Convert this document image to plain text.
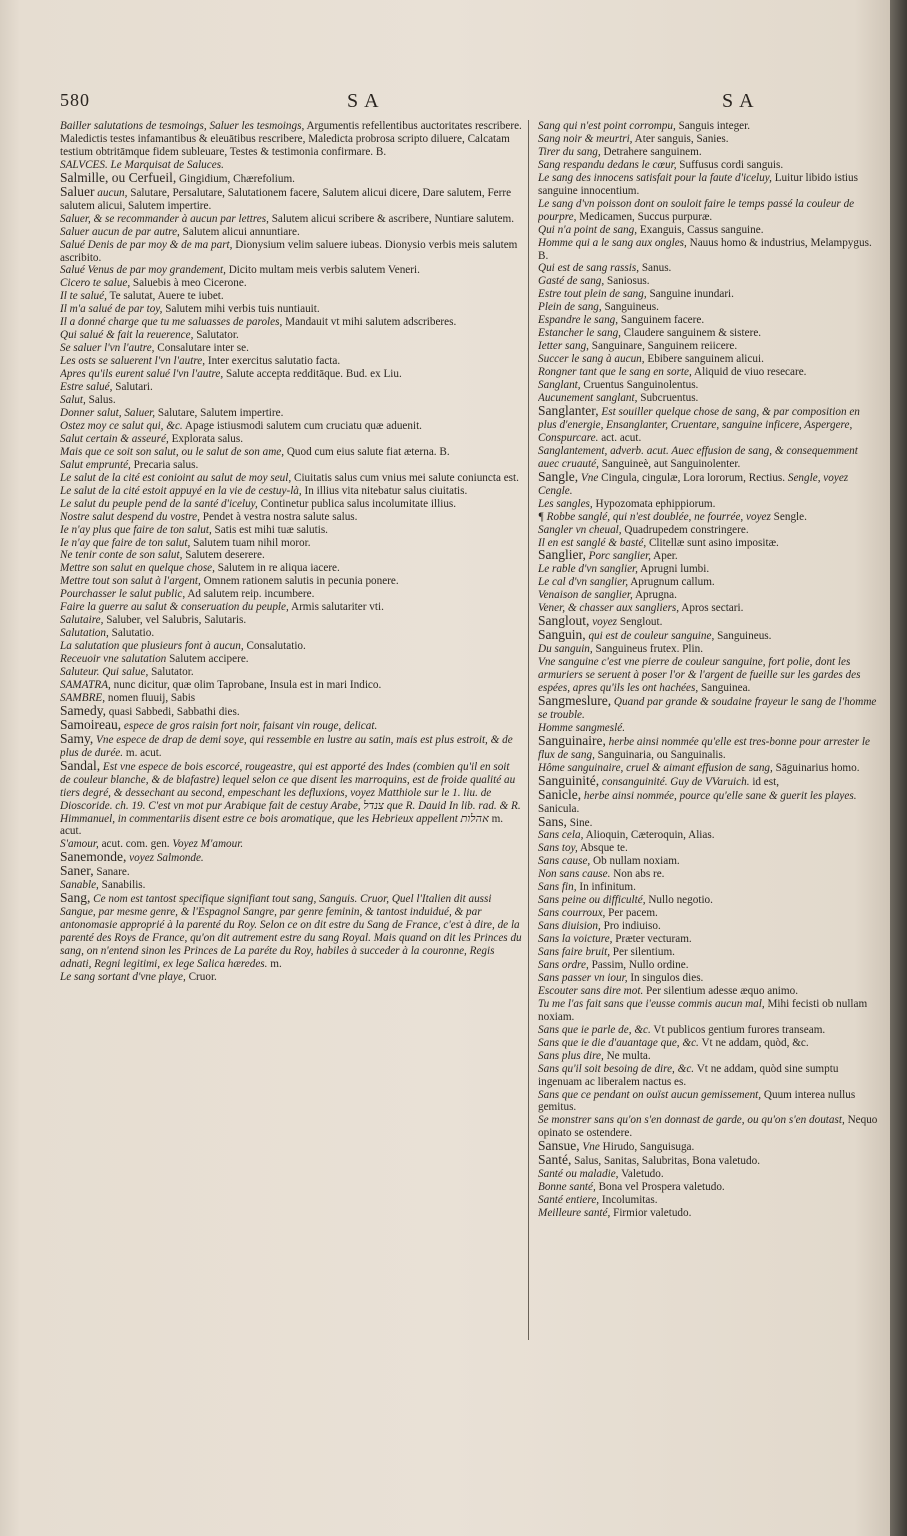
580	SA	SA

Bailler salutations de tesmoings, Saluer les tesmoings, Argumentis refellentibus auctoritates rescribere. Maledictis testes infamantibus & eleuātibus rescribere, Maledicta probrosa scripto diluere, Calcatam testium obtritāmque fidem subleuare, Testes & testimonia confirmare. B.

SALVCES. Le Marquisat de Saluces.

Salmille, ou Cerfueil, Gingidium, Chærefolium.

Saluer aucun, Salutare, Persalutare, Salutationem facere, Salutem alicui dicere, Dare salutem, Ferre salutem alicui, Salutem impertire.

Saluer, & se recommander à aucun par lettres, Salutem alicui scribere & ascribere, Nuntiare salutem.

Saluer aucun de par autre, Salutem alicui annuntiare.

Salué Denis de par moy & de ma part, Dionysium velim saluere iubeas. Dionysio verbis meis salutem ascribito.

Salué Venus de par moy grandement, Dicito multam meis verbis salutem Veneri.

Cicero te salue, Saluebis à meo Cicerone.

Il te salué, Te salutat, Auere te iubet.

Il m'a salué de par toy, Salutem mihi verbis tuis nuntiauit.

Il a donné charge que tu me saluasses de paroles, Mandauit vt mihi salutem adscriberes.

Qui salué & fait la reuerence, Salutator.

Se saluer l'vn l'autre, Consalutare inter se.

Les osts se saluerent l'vn l'autre, Inter exercitus salutatio facta.

Apres qu'ils eurent salué l'vn l'autre, Salute accepta redditāque. Bud. ex Liu.

Estre salué, Salutari.

Salut, Salus.

Donner salut, Saluer, Salutare, Salutem impertire.

Ostez moy ce salut qui, &c. Apage istiusmodi salutem cum cruciatu quæ aduenit.

Salut certain & asseuré, Explorata salus.

Mais que ce soit son salut, ou le salut de son ame, Quod cum eius salute fiat æterna. B.

Salut emprunté, Precaria salus.

Le salut de la cité est conioint au salut de moy seul, Ciuitatis salus cum vnius mei salute coniuncta est.

Le salut de la cité estoit appuyé en la vie de cestuy-là, In illius vita nitebatur salus ciuitatis.

Le salut du peuple pend de la santé d'iceluy, Continetur publica salus incolumitate illius.

Nostre salut despend du vostre, Pendet à vestra nostra salute salus.

Ie n'ay plus que faire de ton salut, Satis est mihi tuæ salutis.

Ie n'ay que faire de ton salut, Salutem tuam nihil moror.

Ne tenir conte de son salut, Salutem deserere.

Mettre son salut en quelque chose, Salutem in re aliqua iacere.

Mettre tout son salut à l'argent, Omnem rationem salutis in pecunia ponere.

Pourchasser le salut public, Ad salutem reip. incumbere.

Faire la guerre au salut & conseruation du peuple, Armis salutariter vti.

Salutaire, Saluber, vel Salubris, Salutaris.

Salutation, Salutatio.

La salutation que plusieurs font à aucun, Consalutatio.

Receuoir vne salutation Salutem accipere.

Saluteur. Qui salue, Salutator.

SAMATRA, nunc dicitur, quæ olim Taprobane, Insula est in mari Indico.

SAMBRE, nomen fluuij, Sabis

Samedy, quasi Sabbedi, Sabbathi dies.

Samoireau, espece de gros raisin fort noir, faisant vin rouge, delicat.

Samy, Vne espece de drap de demi soye, qui ressemble en lustre au satin, mais est plus estroit, & de plus de durée. m. acut.

Sandal, Est vne espece de bois escorcé, rougeastre, qui est apporté des Indes (combien qu'il en soit de couleur blanche, & de blafastre) lequel selon ce que disent les marroquins, est de froide qualité au tiers degré, & dessechant au second, empeschant les defluxions, voyez Matthiole sur le 1. liu. de Dioscoride. ch. 19. C'est vn mot pur Arabique fait de cestuy Arabe, צנדל que R. Dauid In lib. rad. & R. Himmanuel, in commentariis disent estre ce bois aromatique, que les Hebrieux appellent אהלות m. acut.

S'amour, acut. com. gen. Voyez M'amour.

Sanemonde, voyez Salmonde.

Saner, Sanare.

Sanable, Sanabilis.

Sang, Ce nom est tantost specifique signifiant tout sang, Sanguis. Cruor, Quel l'Italien dit aussi Sangue, par mesme genre, & l'Espagnol Sangre, par genre feminin, & tantost induidué, & par antonomasie approprié à la parenté du Roy. Selon ce on dit estre du Sang de France, c'est à dire, de la parenté des Roys de France, qu'on dit autrement estre du sang Royal. Mais quand on dit les Princes du sang, on n'entend sinon les Princes de La paréte du Roy, habiles à succeder à la couronne, Regis adnati, Regni legitimi, ex lege Salica hæredes. m.

Le sang sortant d'vne playe, Cruor.

Sang qui n'est point corrompu, Sanguis integer.

Sang noir & meurtri, Ater sanguis, Sanies.

Tirer du sang, Detrahere sanguinem.

Sang respandu dedans le cœur, Suffusus cordi sanguis.

Le sang des innocens satisfait pour la faute d'iceluy, Luitur libido istius sanguine innocentium.

Le sang d'vn poisson dont on souloit faire le temps passé la couleur de pourpre, Medicamen, Succus purpuræ.

Qui n'a point de sang, Exanguis, Cassus sanguine.

Homme qui a le sang aux ongles, Nauus homo & industrius, Melampygus. B.

Qui est de sang rassis, Sanus.

Gasté de sang, Saniosus.

Estre tout plein de sang, Sanguine inundari.

Plein de sang, Sanguineus.

Espandre le sang, Sanguinem facere.

Estancher le sang, Claudere sanguinem & sistere.

Ietter sang, Sanguinare, Sanguinem reiicere.

Succer le sang à aucun, Ebibere sanguinem alicui.

Rongner tant que le sang en sorte, Aliquid de viuo resecare.

Sanglant, Cruentus Sanguinolentus.

Aucunement sanglant, Subcruentus.

Sanglanter, Est souiller quelque chose de sang, & par composition en plus d'energie, Ensanglanter, Cruentare, sanguine inficere, Aspergere, Conspurcare. act. acut.

Sanglantement, adverb. acut. Auec effusion de sang, & consequemment auec cruauté, Sanguineè, aut Sanguinolenter.

Sangle, Vne Cingula, cingulæ, Lora lororum, Rectius. Sengle, voyez Cengle.

Les sangles, Hypozomata ephippiorum.

¶ Robbe sanglé, qui n'est doublée, ne fourrée, voyez Sengle.

Sangler vn cheual, Quadrupedem constringere.

Il en est sanglé & basté, Clitellæ sunt asino impositæ.

Sanglier, Porc sanglier, Aper.

Le rable d'vn sanglier, Aprugni lumbi.

Le cal d'vn sanglier, Aprugnum callum.

Venaison de sanglier, Aprugna.

Vener, & chasser aux sangliers, Apros sectari.

Sanglout, voyez Senglout.

Sanguin, qui est de couleur sanguine, Sanguineus.

Du sanguin, Sanguineus frutex. Plin.

Vne sanguine c'est vne pierre de couleur sanguine, fort polie, dont les armuriers se seruent à poser l'or & l'argent de fueille sur les gardes des espées, apres qu'ils les ont hachées, Sanguinea.

Sangmeslure, Quand par grande & soudaine frayeur le sang de l'homme se trouble.

Homme sangmeslé.

Sanguinaire, herbe ainsi nommée qu'elle est tres-bonne pour arrester le flux de sang, Sanguinaria, ou Sanguinalis.

Hôme sanguinaire, cruel & aimant effusion de sang, Sāguinarius homo.

Sanguinité, consanguinité. Guy de VVaruich. id est,

Sanicle, herbe ainsi nommée, pource qu'elle sane & guerit les playes. Sanicula.

Sans, Sine.

Sans cela, Alioquin, Cæteroquin, Alias.

Sans toy, Absque te.

Sans cause, Ob nullam noxiam.

Non sans cause. Non abs re.

Sans fin, In infinitum.

Sans peine ou difficulté, Nullo negotio.

Sans courroux, Per pacem.

Sans diuision, Pro indiuiso.

Sans la voicture, Præter vecturam.

Sans faire bruit, Per silentium.

Sans ordre, Passim, Nullo ordine.

Sans passer vn iour, In singulos dies.

Escouter sans dire mot. Per silentium adesse æquo animo.

Tu me l'as fait sans que i'eusse commis aucun mal, Mihi fecisti ob nullam noxiam.

Sans que ie parle de, &c. Vt publicos gentium furores transeam.

Sans que ie die d'auantage que, &c. Vt ne addam, quòd, &c.

Sans plus dire, Ne multa.

Sans qu'il soit besoing de dire, &c. Vt ne addam, quòd sine sumptu ingenuam ac liberalem nactus es.

Sans que ce pendant on ouïst aucun gemissement, Quum interea nullus gemitus.

Se monstrer sans qu'on s'en donnast de garde, ou qu'on s'en doutast, Nequo opinato se ostendere.

Sansue, Vne Hirudo, Sanguisuga.

Santé, Salus, Sanitas, Salubritas, Bona valetudo.

Santé ou maladie, Valetudo.

Bonne santé, Bona vel Prospera valetudo.

Santé entiere, Incolumitas.

Meilleure santé, Firmior valetudo.
